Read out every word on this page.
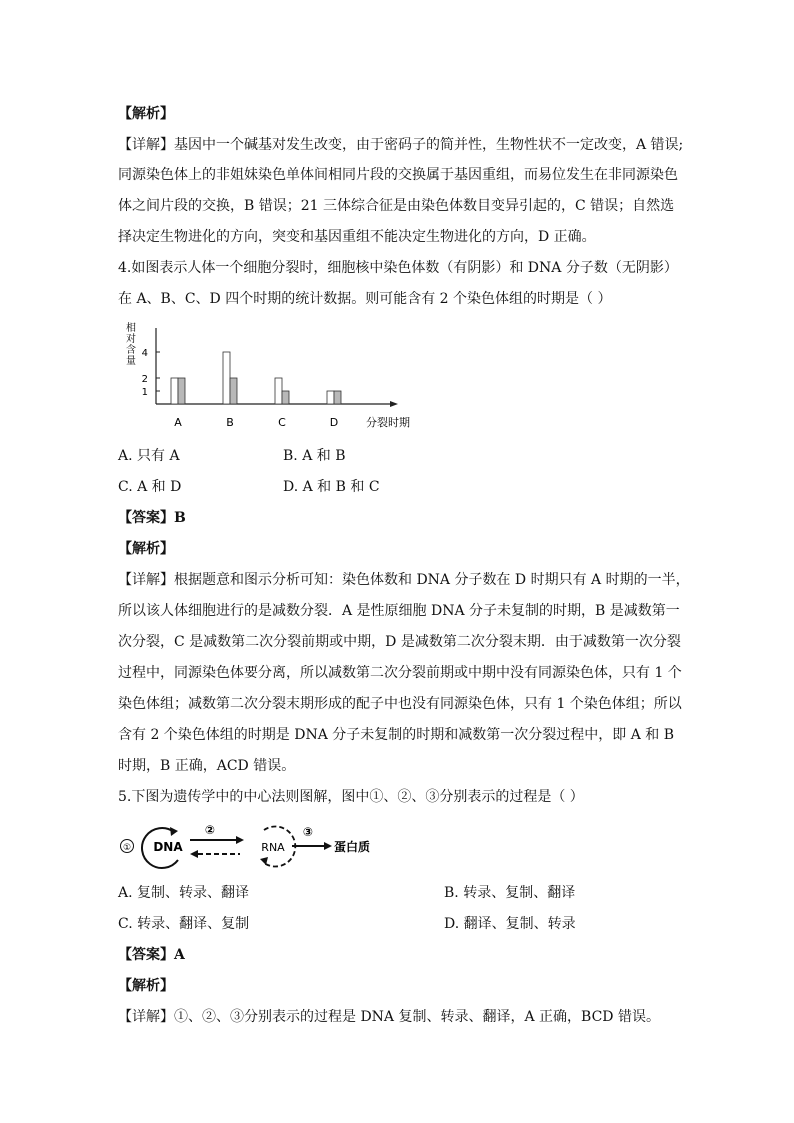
【解析】
【详解】基因中一个碱基对发生改变，由于密码子的简并性，生物性状不一定改变，A 错误;
同源染色体上的非姐妹染色单体间相同片段的交换属于基因重组，而易位发生在非同源染色
体之间片段的交换，B 错误；21 三体综合征是由染色体数目变异引起的，C 错误；自然选
择决定生物进化的方向，突变和基因重组不能决定生物进化的方向，D 正确。
4.如图表示人体一个细胞分裂时，细胞核中染色体数（有阴影）和 DNA 分子数（无阴影）
在 A、B、C、D 四个时期的统计数据。则可能含有 2 个染色体组的时期是（ ）
相对含量
1
2
4
A	B	C	D	分裂时期
A. 只有 A	B. A 和 B
C. A 和 D	D. A 和 B 和 C
【答案】B
【解析】
【详解】根据题意和图示分析可知：染色体数和 DNA 分子数在 D 时期只有 A 时期的一半，
所以该人体细胞进行的是减数分裂．A 是性原细胞 DNA 分子未复制的时期，B 是减数第一
次分裂，C 是减数第二次分裂前期或中期，D 是减数第二次分裂末期．由于减数第一次分裂
过程中，同源染色体要分离，所以减数第二次分裂前期或中期中没有同源染色体，只有 1 个
染色体组；减数第二次分裂末期形成的配子中也没有同源染色体，只有 1 个染色体组；所以
含有 2 个染色体组的时期是 DNA 分子未复制的时期和减数第一次分裂过程中，即 A 和 B
时期，B 正确，ACD 错误。
5.下图为遗传学中的中心法则图解，图中①、②、③分别表示的过程是（ ）
① DNA
②
RNA
③
蛋白质
A. 复制、转录、翻译	B. 转录、复制、翻译
C. 转录、翻译、复制	D. 翻译、复制、转录
【答案】A
【解析】
【详解】①、②、③分别表示的过程是 DNA 复制、转录、翻译，A 正确，BCD 错误。
